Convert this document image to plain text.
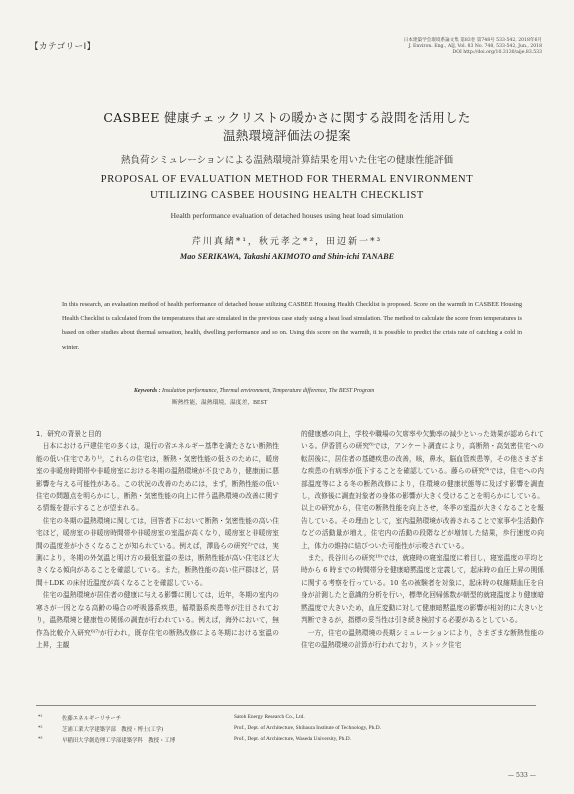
【カテゴリーⅠ】
日本建築学会環境系論文集 第83巻 第748号 533-542, 2018年6月
J. Environ. Eng., AIJ, Vol. 83 No. 748, 533-542, Jun., 2018
DOI http://doi.org/10.3130/aije.83.533
CASBEE 健康チェックリストの暖かさに関する設問を活用した
温熱環境評価法の提案
熱負荷シミュレーションによる温熱環境計算結果を用いた住宅の健康性能評価
PROPOSAL OF EVALUATION METHOD FOR THERMAL ENVIRONMENT
UTILIZING CASBEE HOUSING HEALTH CHECKLIST
Health performance evaluation of detached houses using heat load simulation
芹川真緒*¹，秋元孝之*²，田辺新一*³
Mao SERIKAWA, Takashi AKIMOTO and Shin-ichi TANABE
In this research, an evaluation method of health performance of detached house utilizing CASBEE Housing Health Checklist is proposed. Score on the warmth in CASBEE Housing Health Checklist is calculated from the temperatures that are simulated in the previous case study using a heat load simulation. The method to calculate the score from temperatures is based on other studies about thermal sensation, health, dwelling performance and so on. Using this score on the warmth, it is possible to predict the crisis rate of catching a cold in winter.
Keywords : Insulation performance, Thermal environment, Temperature difference, The BEST Program
断熱性能，温熱環境，温度差，BEST
1．研究の背景と目的

日本における戸建住宅の多くは，現行の省エネルギー基準を満たさない断熱性能の低い住宅であり¹⁾，これらの住宅は，断熱・気密性能の低さのために，暖房室の非暖房時間帯や非暖房室における冬期の温熱環境が不良であり，健康面に悪影響を与える可能性がある。この状況の改善のためには，まず，断熱性能の低い住宅の問題点を明らかにし，断熱・気密性能の向上に伴う温熱環境の改善に関する情報を提示することが望まれる。

住宅の冬期の温熱環境に関しては，回答者下において断熱・気密性能の高い住宅ほど，暖房室の非暖房時間帯や非暖房室の室温が高くなり，暖房室と非暖房室間の温度差が小さくなることが知られている。例えば，澤島らの研究²⁾では，実測により，冬期の外気温と明け方の最低室温の差は，断熱性能が高い住宅ほど大きくなる傾向があることを確認している。また，断熱性能の高い住戸群ほど，居間＋LDK の床付近温度が高くなることを確認している。

住宅の温熱環境が居住者の健康に与える影響に関しては，近年，冬期の室内の寒さが一因となる高齢の場合の呼吸器系疾患，循環器系疾患等が注目されており，温熱環境と健康性の関係の調査が行われている。例えば，海外において，無作為比較介入研究⁶⁾⁷⁾が行われ，既存住宅の断熱改修による冬期における室温の上昇，主観

的健康感の向上，学校や職場の欠席率や欠勤率の減少といった効果が認められている。伊香賀らの研究⁸⁾では，アンケート調査により，高断熱・高気密住宅への転居後に，居住者の基礎疾患の改善，咳，鼻水，脳血管疾患等，その他さまざまな疾患の有病率が低下することを確認している。藤らの研究⁹⁾では，住宅への内部温度等による冬の断熱改修により，住環境の健康状態等に及ぼす影響を調査し，改修後に調査対象者の身体の影響が大きく受けることを明らかにしている。以上の研究から，住宅の断熱性能を向上させ，冬季の室温が大きくなることを報告している。その理由として，室内温熱環境が改善されることで家事や生活動作などの活動量が増え，住宅内の活動の段階などが増加した結果，歩行速度の向上，体力の維持に結びついた可能性が示唆されている。

また，長谷川らの研究¹⁰⁾では，就寝時の寝室温度に着目し，寝室温度の平均と時から 6 時までの時間帯分を健康暗黙温度と定義して，起床時の血圧上昇の関係に関する考察を行っている。10 名の被験者を対象に，起床時の収縮期血圧を自身が計測したと意識的分析を行い，標準化回帰係数が朝型的就寝温度より健康暗黙温度で大きいため，血圧変動に対して健康暗黙温度の影響が相対的に大きいと判断できるが，指標の妥当性は引き続き検討する必要があるとしている。

一方，住宅の温熱環境の長期シミュレーションにより，さまざまな断熱性能の住宅の温熱環境の計算が行われており，ストック住宅

*¹	佐藤エネルギーリサーチ	Satoh Energy Research Co., Ltd.
*²	芝浦工業大学建築学部　教授・博士(工学)	Prof., Dept. of Architecture, Shibaura Institute of Technology, Ph.D.
*³	早稲田大学創造理工学部建築学科　教授・工博	Prof., Dept. of Architecture, Waseda University, Ph.D.
— 533 —
